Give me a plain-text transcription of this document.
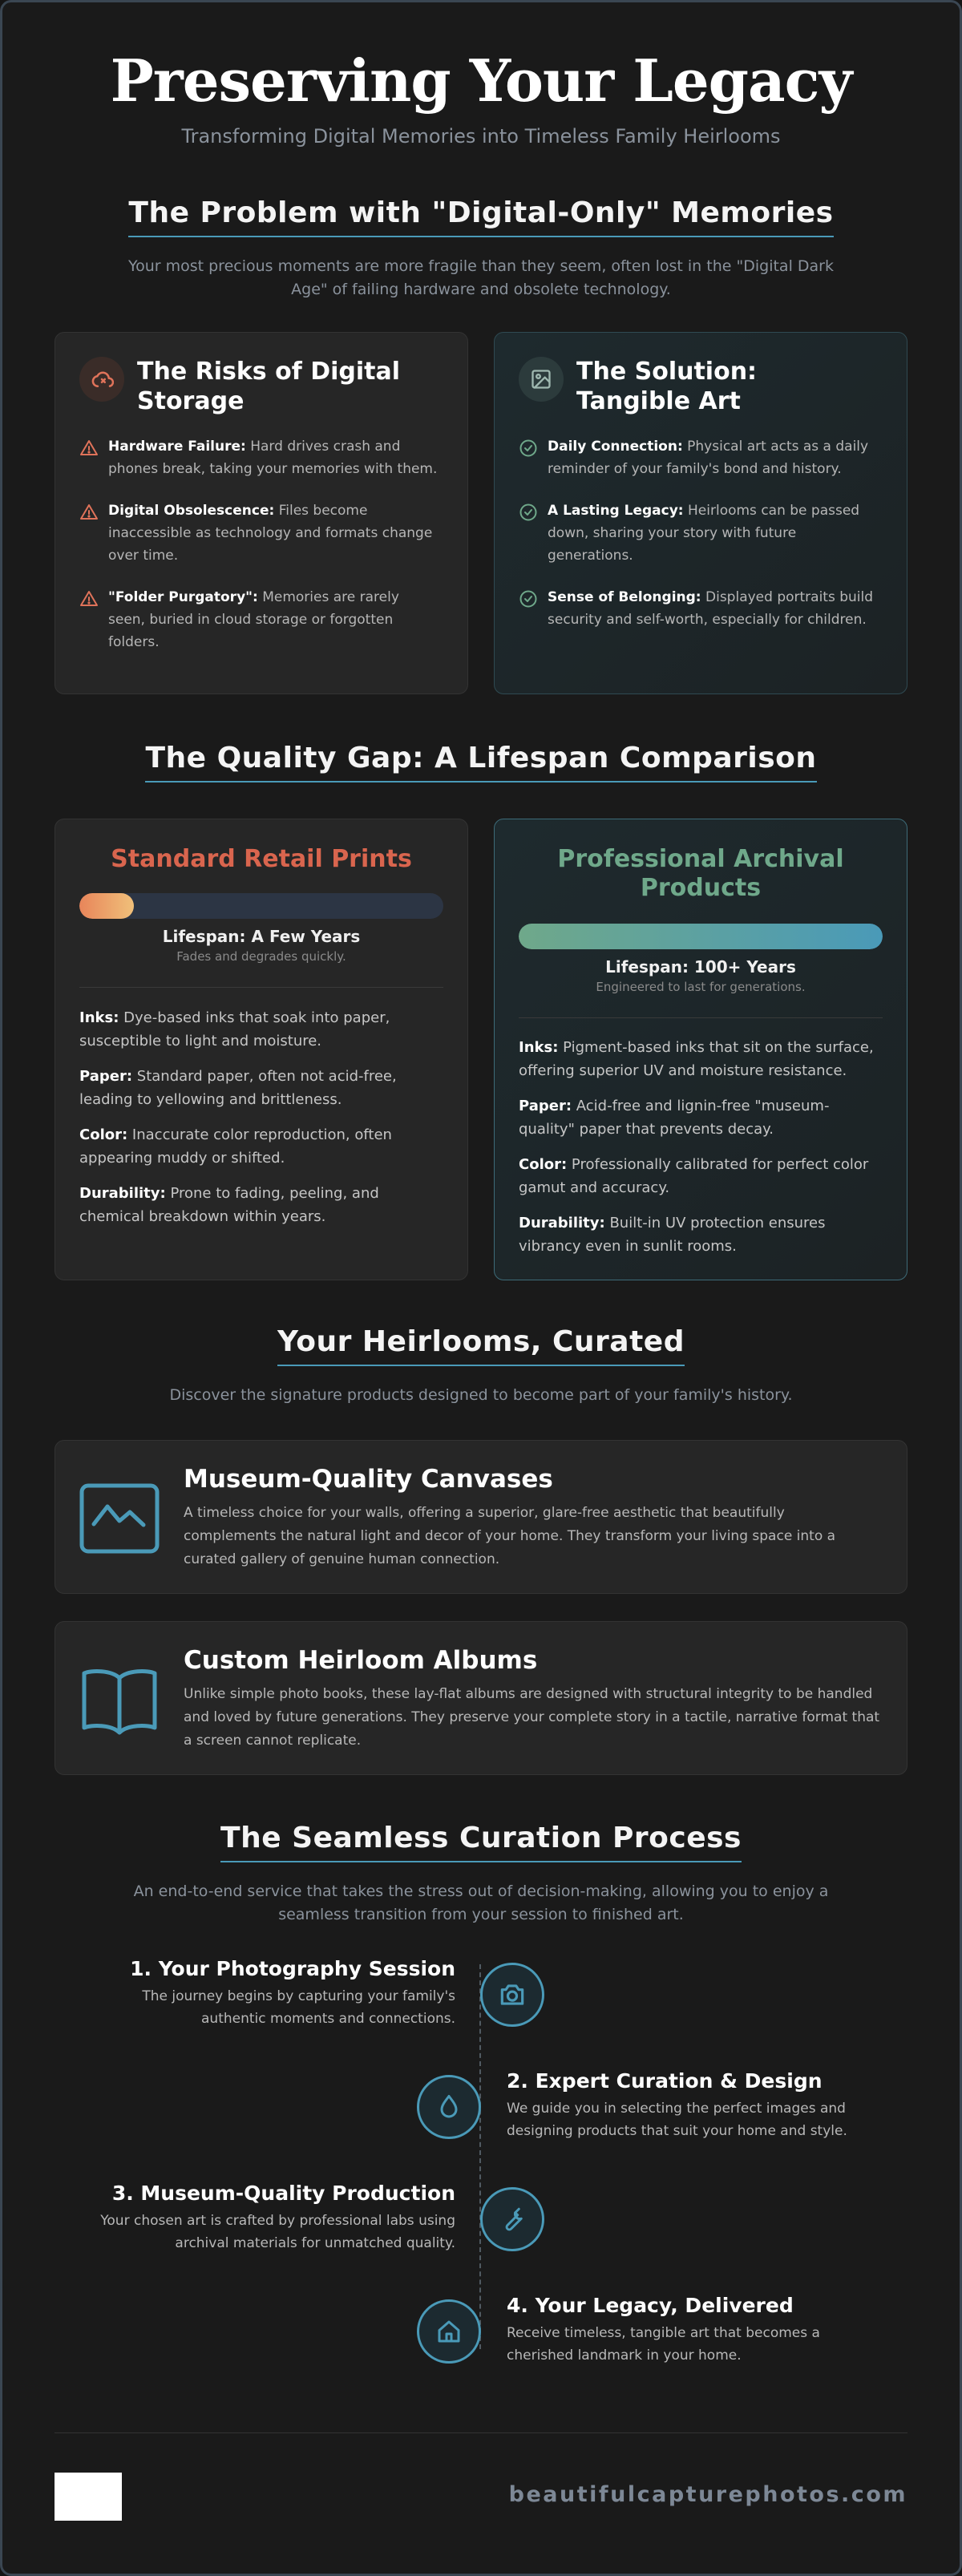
Preserving Your Legacy
Transforming Digital Memories into Timeless Family Heirlooms
The Problem with "Digital-Only" Memories
Your most precious moments are more fragile than they seem, often lost in the "Digital Dark Age" of failing hardware and obsolete technology.
The Risks of Digital Storage

Hardware Failure: Hard drives crash and phones break, taking your memories with them.

Digital Obsolescence: Files become inaccessible as technology and formats change over time.

"Folder Purgatory": Memories are rarely seen, buried in cloud storage or forgotten folders.

The Solution: Tangible Art

Daily Connection: Physical art acts as a daily reminder of your family's bond and history.

A Lasting Legacy: Heirlooms can be passed down, sharing your story with future generations.

Sense of Belonging: Displayed portraits build security and self-worth, especially for children.

The Quality Gap: A Lifespan Comparison
Standard Retail Prints
Lifespan: A Few Years
Fades and degrades quickly.

Inks: Dye-based inks that soak into paper, susceptible to light and moisture.

Paper: Standard paper, often not acid-free, leading to yellowing and brittleness.

Color: Inaccurate color reproduction, often appearing muddy or shifted.

Durability: Prone to fading, peeling, and chemical breakdown within years.

Professional Archival Products
Lifespan: 100+ Years
Engineered to last for generations.

Inks: Pigment-based inks that sit on the surface, offering superior UV and moisture resistance.

Paper: Acid-free and lignin-free "museum-quality" paper that prevents decay.

Color: Professionally calibrated for perfect color gamut and accuracy.

Durability: Built-in UV protection ensures vibrancy even in sunlit rooms.

Your Heirlooms, Curated
Discover the signature products designed to become part of your family's history.
Museum-Quality Canvases
A timeless choice for your walls, offering a superior, glare-free aesthetic that beautifully complements the natural light and decor of your home. They transform your living space into a curated gallery of genuine human connection.
Custom Heirloom Albums
Unlike simple photo books, these lay-flat albums are designed with structural integrity to be handled and loved by future generations. They preserve your complete story in a tactile, narrative format that a screen cannot replicate.
The Seamless Curation Process
An end-to-end service that takes the stress out of decision-making, allowing you to enjoy a seamless transition from your session to finished art.
1. Your Photography Session
The journey begins by capturing your family's authentic moments and connections.
2. Expert Curation & Design
We guide you in selecting the perfect images and designing products that suit your home and style.
3. Museum-Quality Production
Your chosen art is crafted by professional labs using archival materials for unmatched quality.
4. Your Legacy, Delivered
Receive timeless, tangible art that becomes a cherished landmark in your home.
beautifulcapturephotos.com
